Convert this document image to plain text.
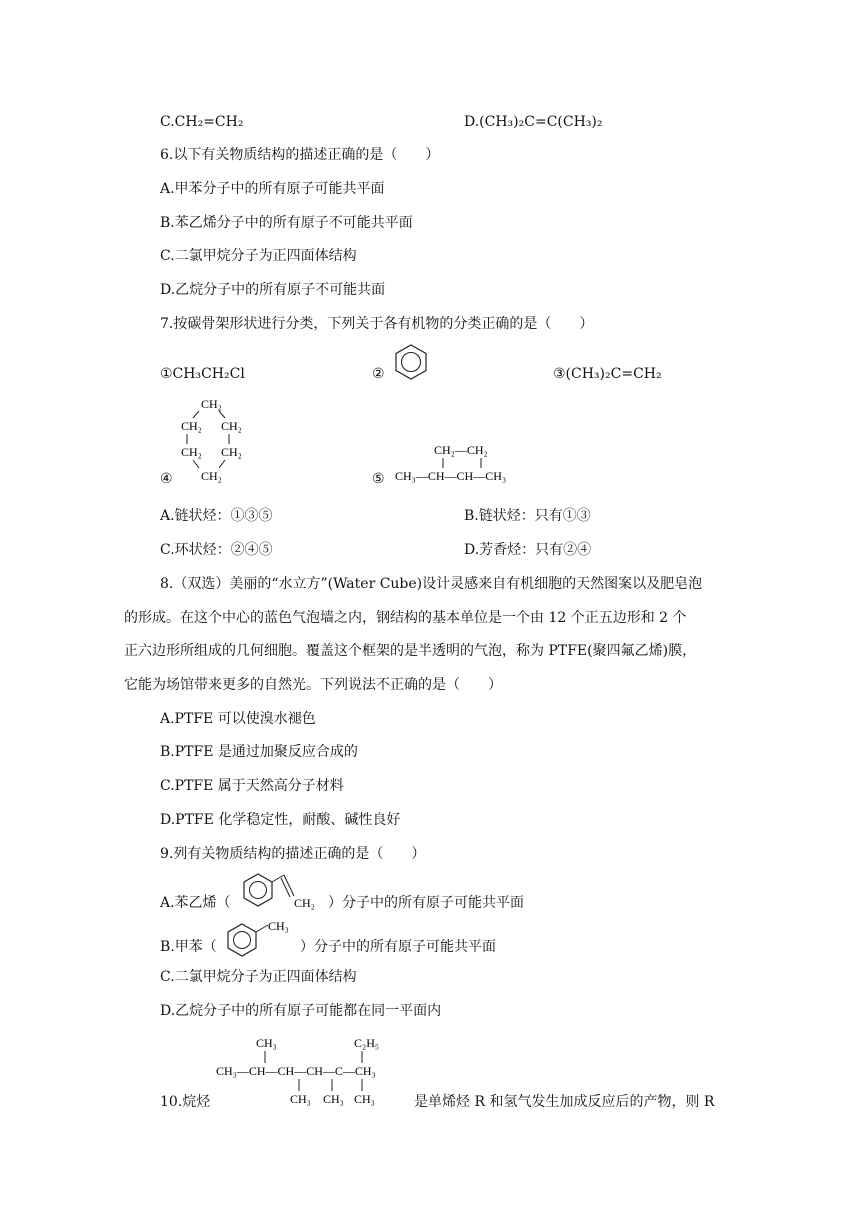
C.CH₂=CH₂	D.(CH₃)₂C=C(CH₃)₂
6.以下有关物质结构的描述正确的是（　　）
A.甲苯分子中的所有原子可能共平面
B.苯乙烯分子中的所有原子不可能共平面
C.二氯甲烷分子为正四面体结构
D.乙烷分子中的所有原子不可能共面
7.按碳骨架形状进行分类，下列关于各有机物的分类正确的是（　　）
①CH₃CH₂Cl	②	③(CH₃)₂C=CH₂
CH₂
CH₂ CH₂
CH₂ CH₂
CH₂
④	⑤
CH₂—CH₂
CH₃—CH—CH—CH₃
A.链状烃：①③⑤	B.链状烃：只有①③
C.环状烃：②④⑤	D.芳香烃：只有②④
8.（双选）美丽的“水立方”(Water Cube)设计灵感来自有机细胞的天然图案以及肥皂泡
的形成。在这个中心的蓝色气泡墙之内，钢结构的基本单位是一个由 12 个正五边形和 2 个
正六边形所组成的几何细胞。覆盖这个框架的是半透明的气泡，称为 PTFE(聚四氟乙烯)膜，
它能为场馆带来更多的自然光。下列说法不正确的是（　　）
A.PTFE 可以使溴水褪色
B.PTFE 是通过加聚反应合成的
C.PTFE 属于天然高分子材料
D.PTFE 化学稳定性，耐酸、碱性良好
9.列有关物质结构的描述正确的是（　　）
A.苯乙烯（	CH₂ ）分子中的所有原子可能共平面
B.甲苯（
CH₃
）分子中的所有原子可能共平面
C.二氯甲烷分子为正四面体结构
D.乙烷分子中的所有原子可能都在同一平面内
CH₃	C₂H₅
CH₃—CH—CH—CH—C—CH₃
CH₃ CH₃ CH₃
10.烷烃	是单烯烃 R 和氢气发生加成反应后的产物，则 R
